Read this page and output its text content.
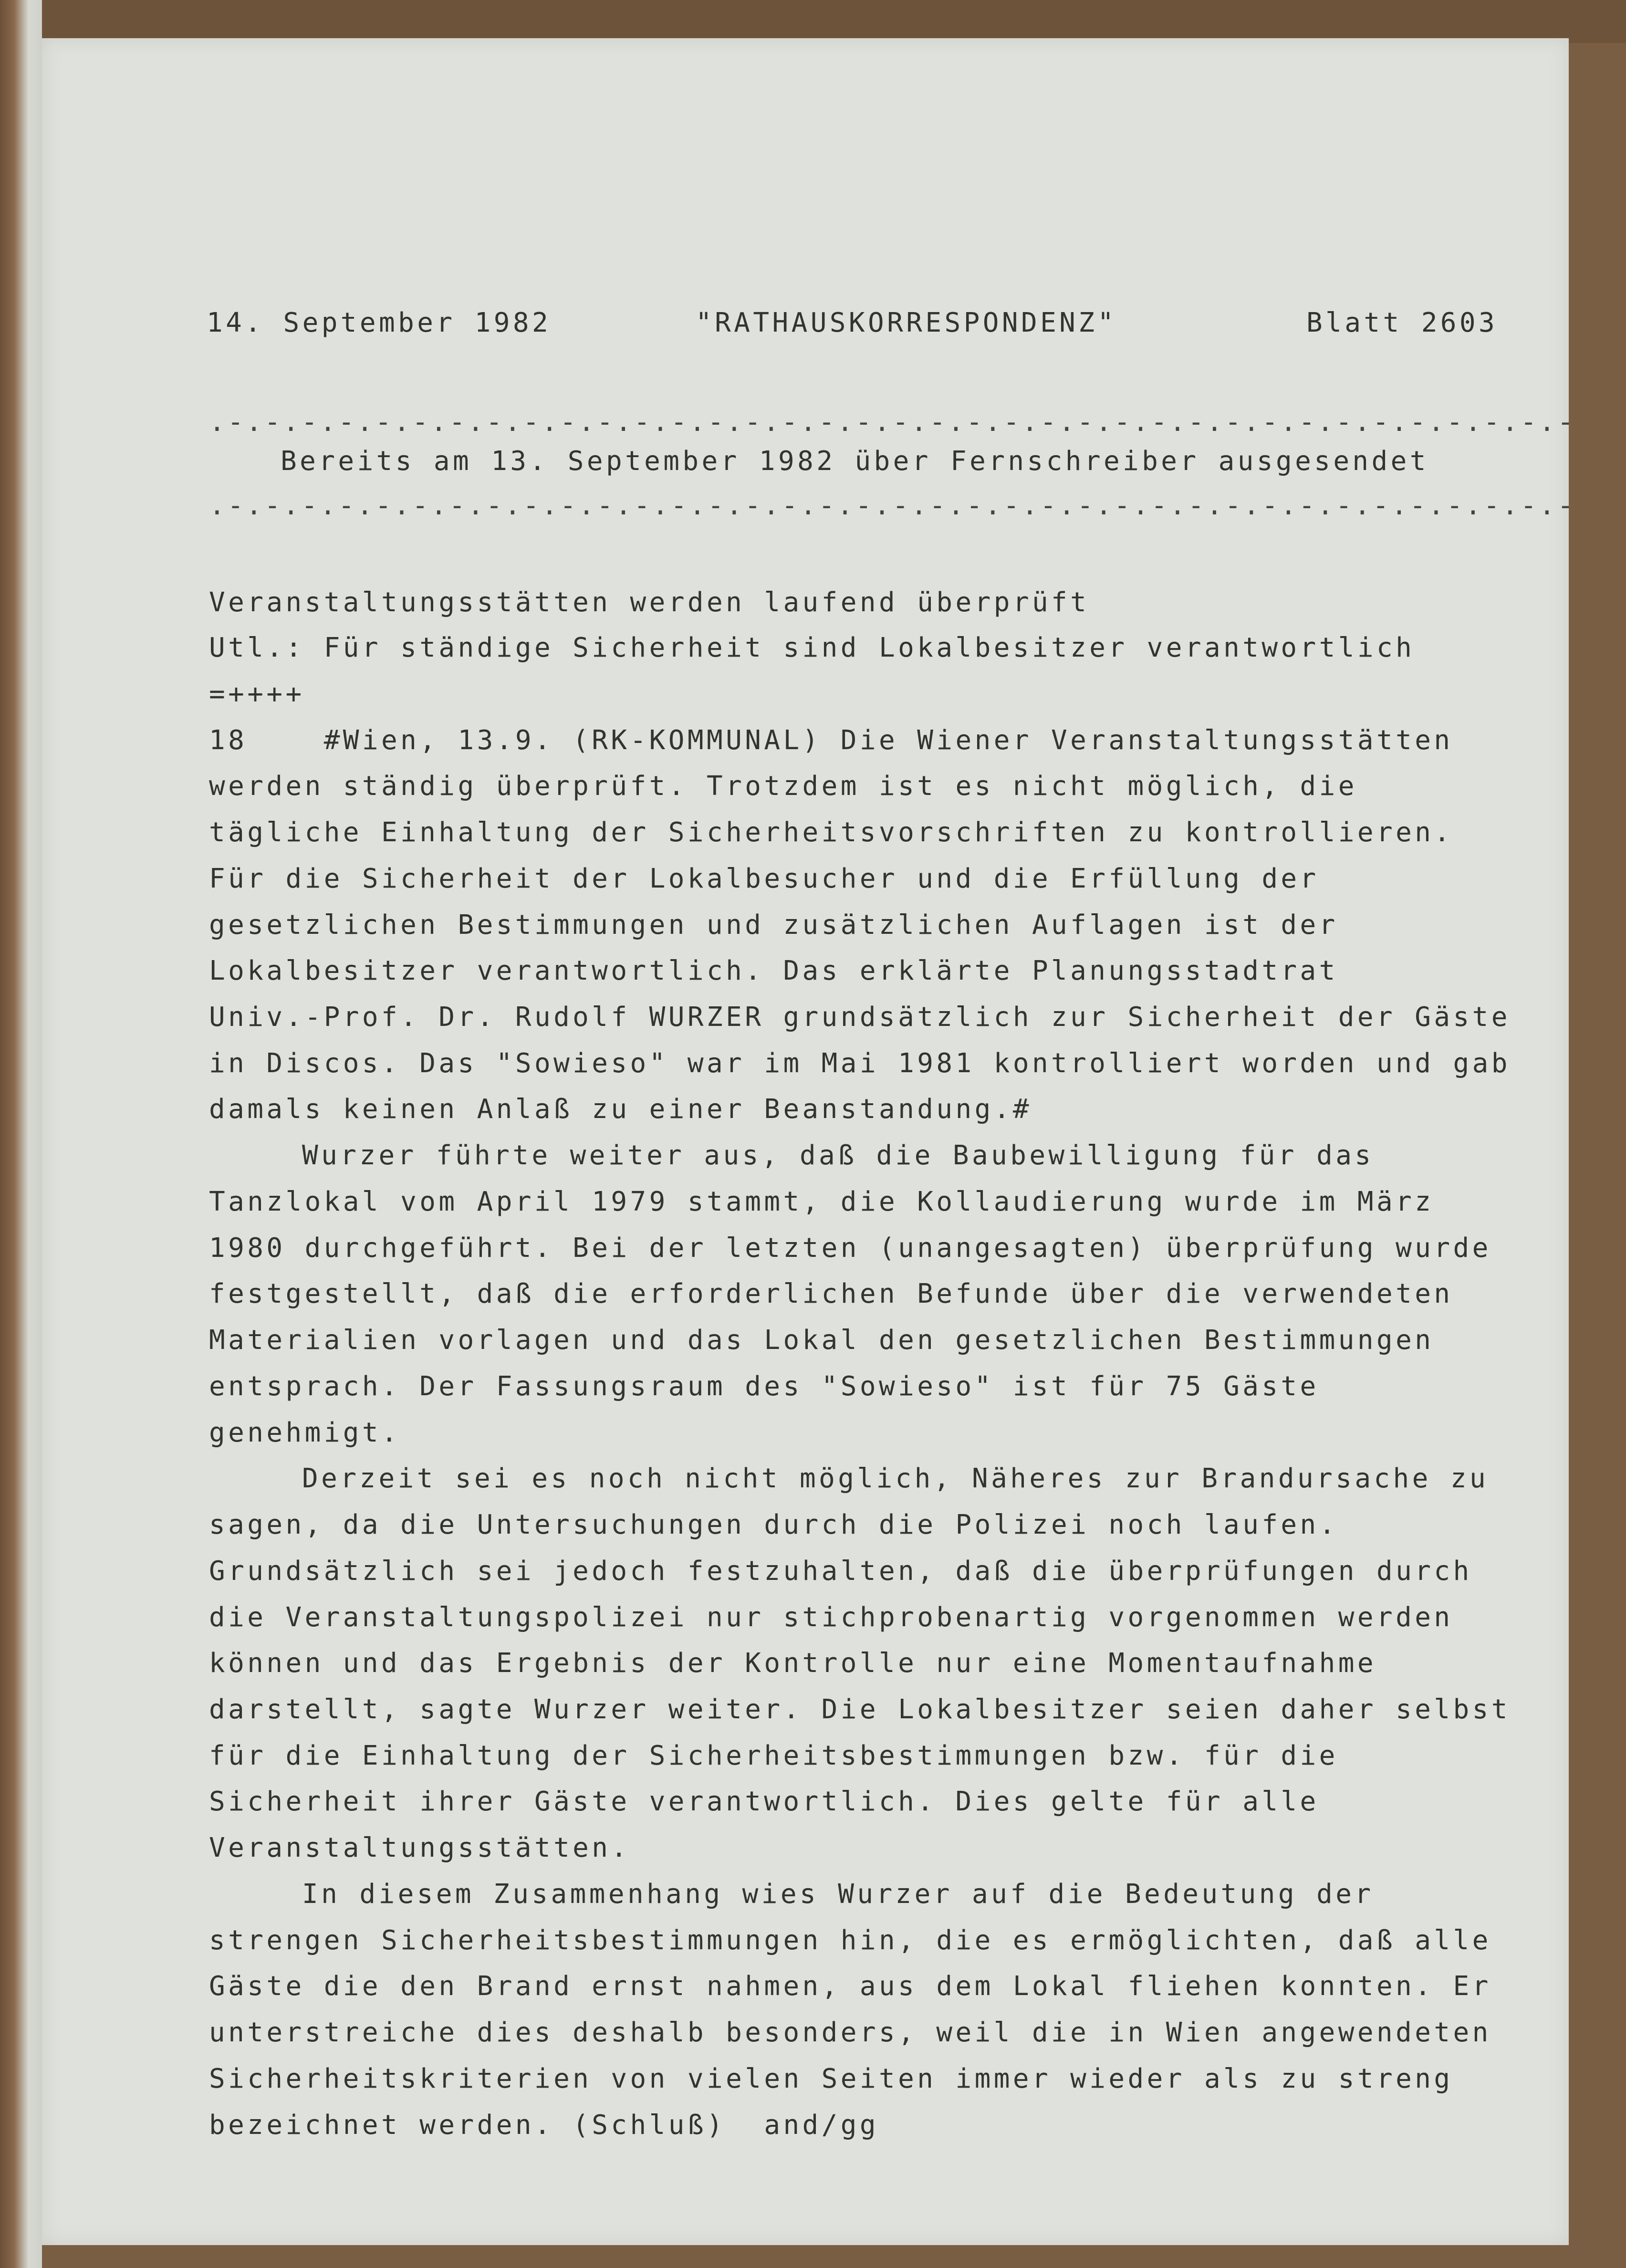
14. September 1982	"RATHAUSKORRESPONDENZ"	Blatt 2603
.-.-.-.-.-.-.-.-.-.-.-.-.-.-.-.-.-.-.-.-.-.-.-.-.-.-.-.-.-.-.-.-.-.-.-.-.-
Bereits am 13. September 1982 über Fernschreiber ausgesendet
.-.-.-.-.-.-.-.-.-.-.-.-.-.-.-.-.-.-.-.-.-.-.-.-.-.-.-.-.-.-.-.-.-.-.-.-.-
Veranstaltungsstätten werden laufend überprüft
Utl.: Für ständige Sicherheit sind Lokalbesitzer verantwortlich
=++++
18    #Wien, 13.9. (RK-KOMMUNAL) Die Wiener Veranstaltungsstätten
werden ständig überprüft. Trotzdem ist es nicht möglich, die
tägliche Einhaltung der Sicherheitsvorschriften zu kontrollieren.
Für die Sicherheit der Lokalbesucher und die Erfüllung der
gesetzlichen Bestimmungen und zusätzlichen Auflagen ist der
Lokalbesitzer verantwortlich. Das erklärte Planungsstadtrat
Univ.-Prof. Dr. Rudolf WURZER grundsätzlich zur Sicherheit der Gäste
in Discos. Das "Sowieso" war im Mai 1981 kontrolliert worden und gab
damals keinen Anlaß zu einer Beanstandung.#
Wurzer führte weiter aus, daß die Baubewilligung für das
Tanzlokal vom April 1979 stammt, die Kollaudierung wurde im März
1980 durchgeführt. Bei der letzten (unangesagten) überprüfung wurde
festgestellt, daß die erforderlichen Befunde über die verwendeten
Materialien vorlagen und das Lokal den gesetzlichen Bestimmungen
entsprach. Der Fassungsraum des "Sowieso" ist für 75 Gäste
genehmigt.
Derzeit sei es noch nicht möglich, Näheres zur Brandursache zu
sagen, da die Untersuchungen durch die Polizei noch laufen.
Grundsätzlich sei jedoch festzuhalten, daß die überprüfungen durch
die Veranstaltungspolizei nur stichprobenartig vorgenommen werden
können und das Ergebnis der Kontrolle nur eine Momentaufnahme
darstellt, sagte Wurzer weiter. Die Lokalbesitzer seien daher selbst
für die Einhaltung der Sicherheitsbestimmungen bzw. für die
Sicherheit ihrer Gäste verantwortlich. Dies gelte für alle
Veranstaltungsstätten.
In diesem Zusammenhang wies Wurzer auf die Bedeutung der
strengen Sicherheitsbestimmungen hin, die es ermöglichten, daß alle
Gäste die den Brand ernst nahmen, aus dem Lokal fliehen konnten. Er
unterstreiche dies deshalb besonders, weil die in Wien angewendeten
Sicherheitskriterien von vielen Seiten immer wieder als zu streng
bezeichnet werden. (Schluß)  and/gg
